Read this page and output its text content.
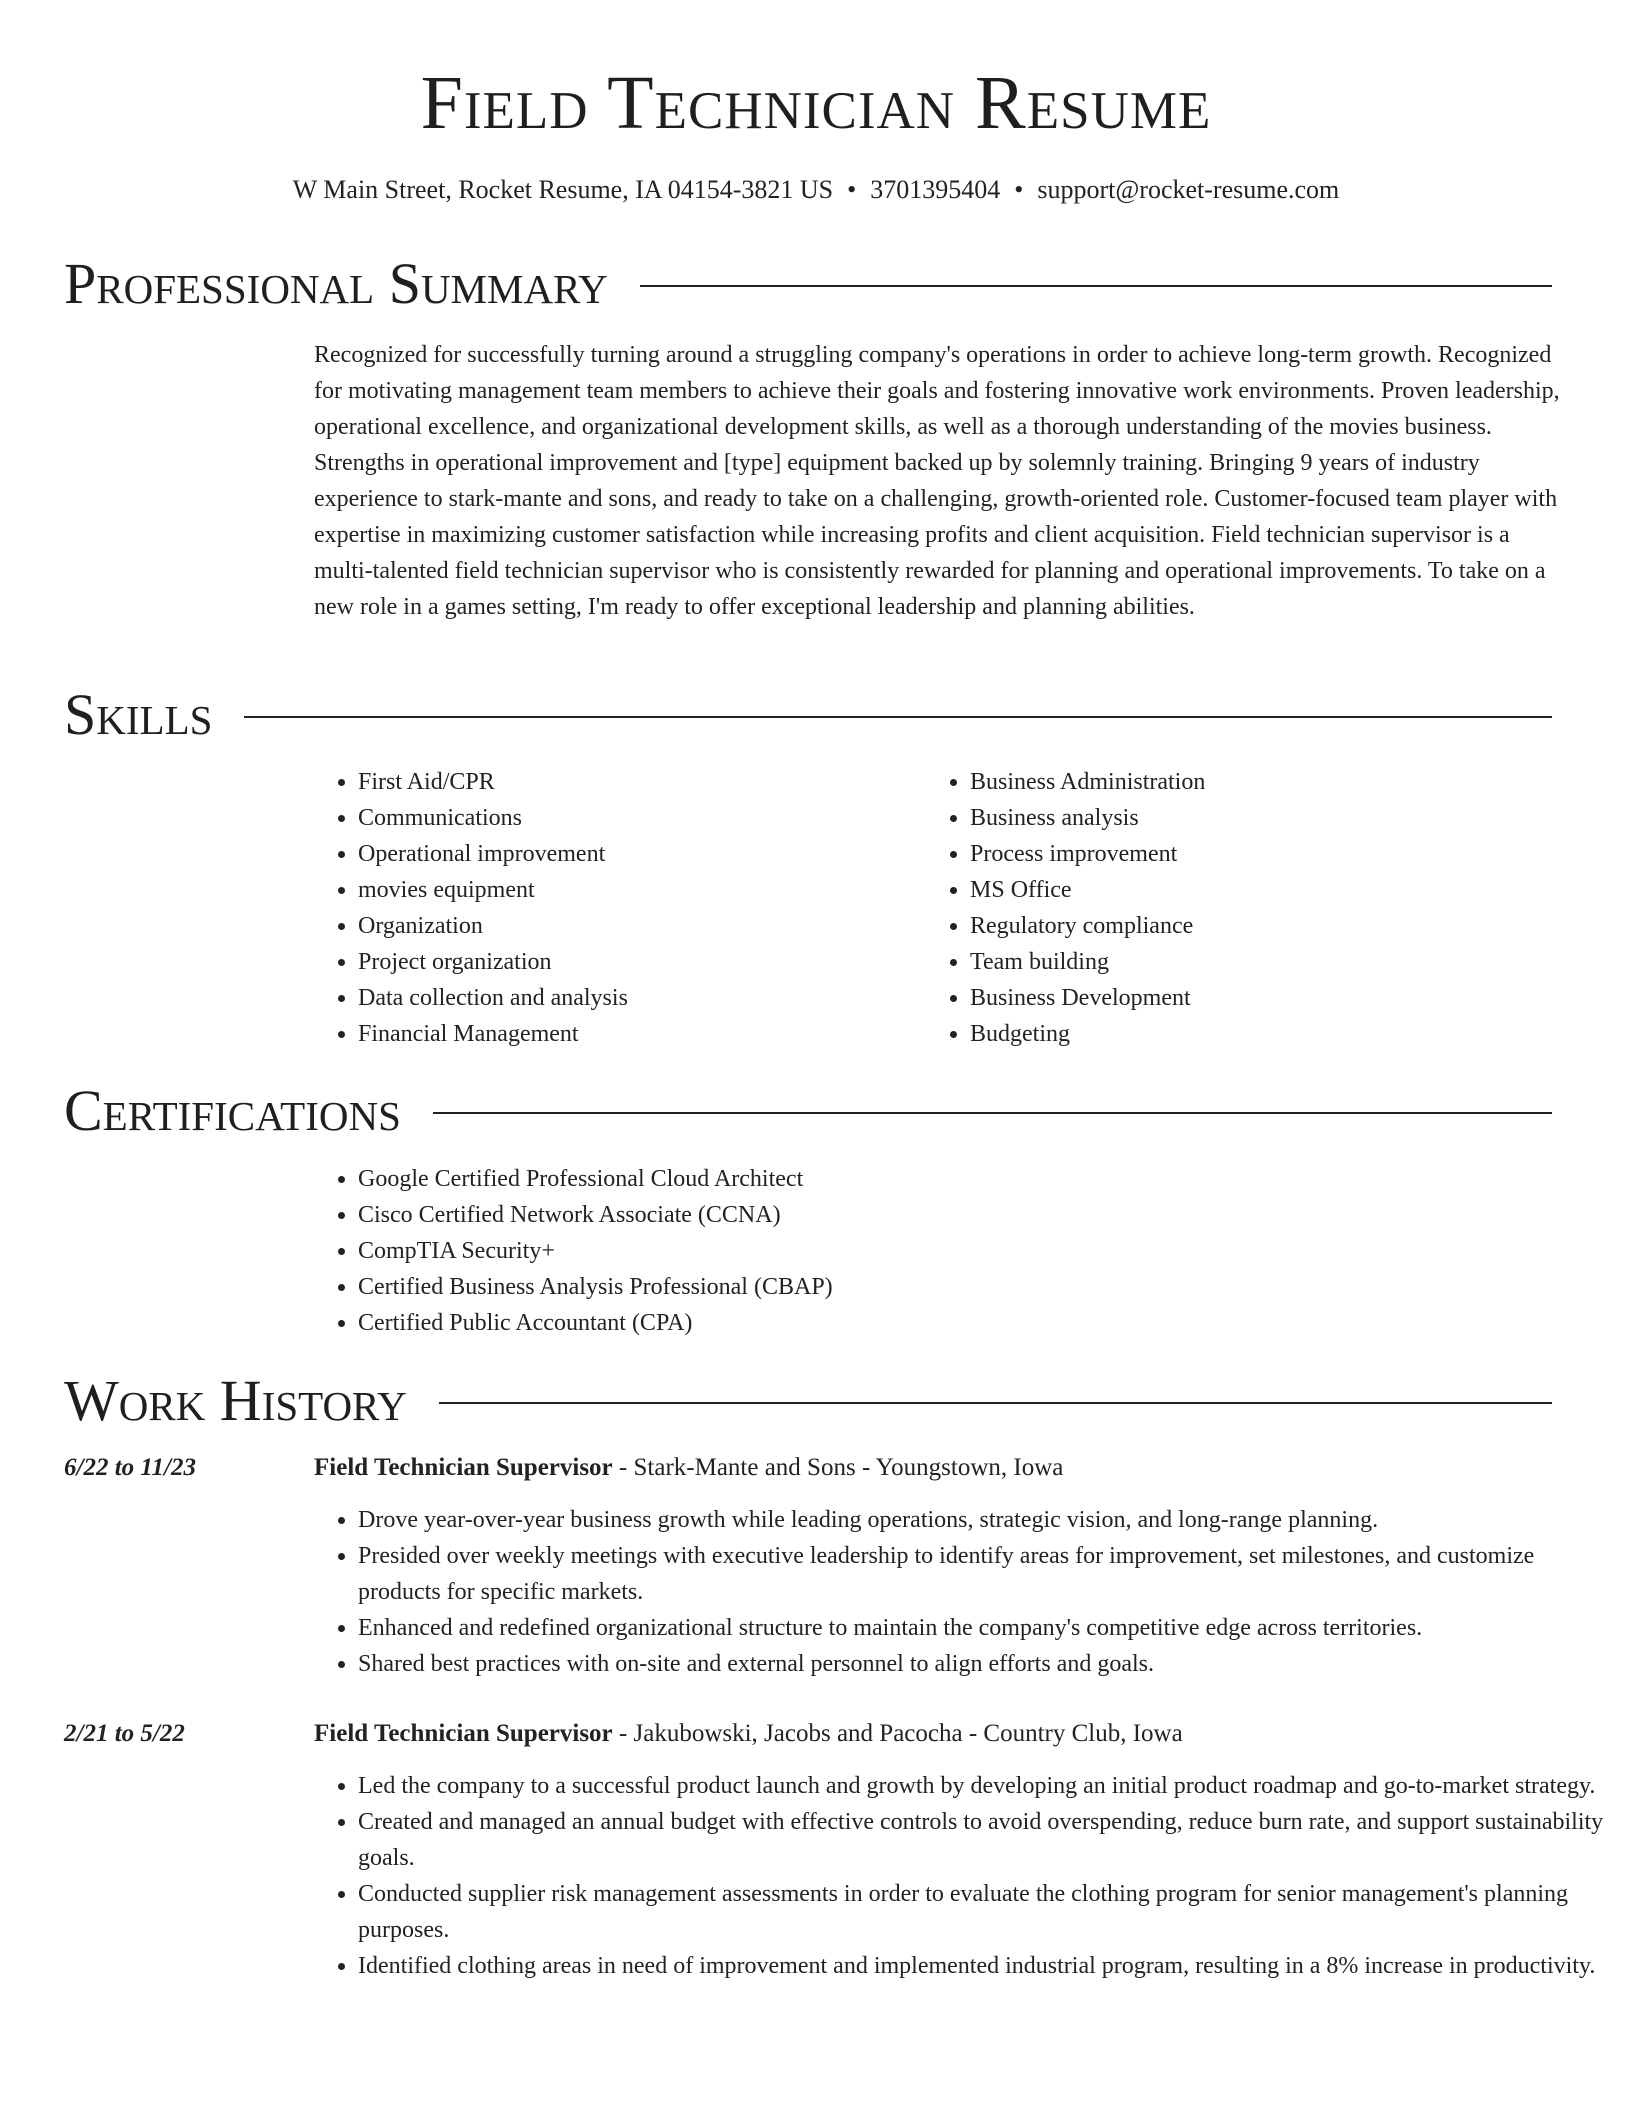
Field Technician Resume
W Main Street, Rocket Resume, IA 04154-3821 US • 3701395404 • support@rocket-resume.com
Professional Summary

Recognized for successfully turning around a struggling company's operations in order to achieve long-term growth. Recognized for motivating management team members to achieve their goals and fostering innovative work environments. Proven leadership, operational excellence, and organizational development skills, as well as a thorough understanding of the movies business. Strengths in operational improvement and [type] equipment backed up by solemnly training. Bringing 9 years of industry experience to stark-mante and sons, and ready to take on a challenging, growth-oriented role. Customer-focused team player with expertise in maximizing customer satisfaction while increasing profits and client acquisition. Field technician supervisor is a multi-talented field technician supervisor who is consistently rewarded for planning and operational improvements. To take on a new role in a games setting, I'm ready to offer exceptional leadership and planning abilities.

Skills
• First Aid/CPR
• Communications
• Operational improvement
• movies equipment
• Organization
• Project organization
• Data collection and analysis
• Financial Management
• Business Administration
• Business analysis
• Process improvement
• MS Office
• Regulatory compliance
• Team building
• Business Development
• Budgeting
Certifications
• Google Certified Professional Cloud Architect
• Cisco Certified Network Associate (CCNA)
• CompTIA Security+
• Certified Business Analysis Professional (CBAP)
• Certified Public Accountant (CPA)
Work History
6/22 to 11/23	Field Technician Supervisor - Stark-Mante and Sons - Youngstown, Iowa
• Drove year-over-year business growth while leading operations, strategic vision, and long-range planning.
• Presided over weekly meetings with executive leadership to identify areas for improvement, set milestones, and customize products for specific markets.
• Enhanced and redefined organizational structure to maintain the company's competitive edge across territories.
• Shared best practices with on-site and external personnel to align efforts and goals.
2/21 to 5/22	Field Technician Supervisor - Jakubowski, Jacobs and Pacocha - Country Club, Iowa
• Led the company to a successful product launch and growth by developing an initial product roadmap and go-to-market strategy.
• Created and managed an annual budget with effective controls to avoid overspending, reduce burn rate, and support sustainability goals.
• Conducted supplier risk management assessments in order to evaluate the clothing program for senior management's planning purposes.
• Identified clothing areas in need of improvement and implemented industrial program, resulting in a 8% increase in productivity.
